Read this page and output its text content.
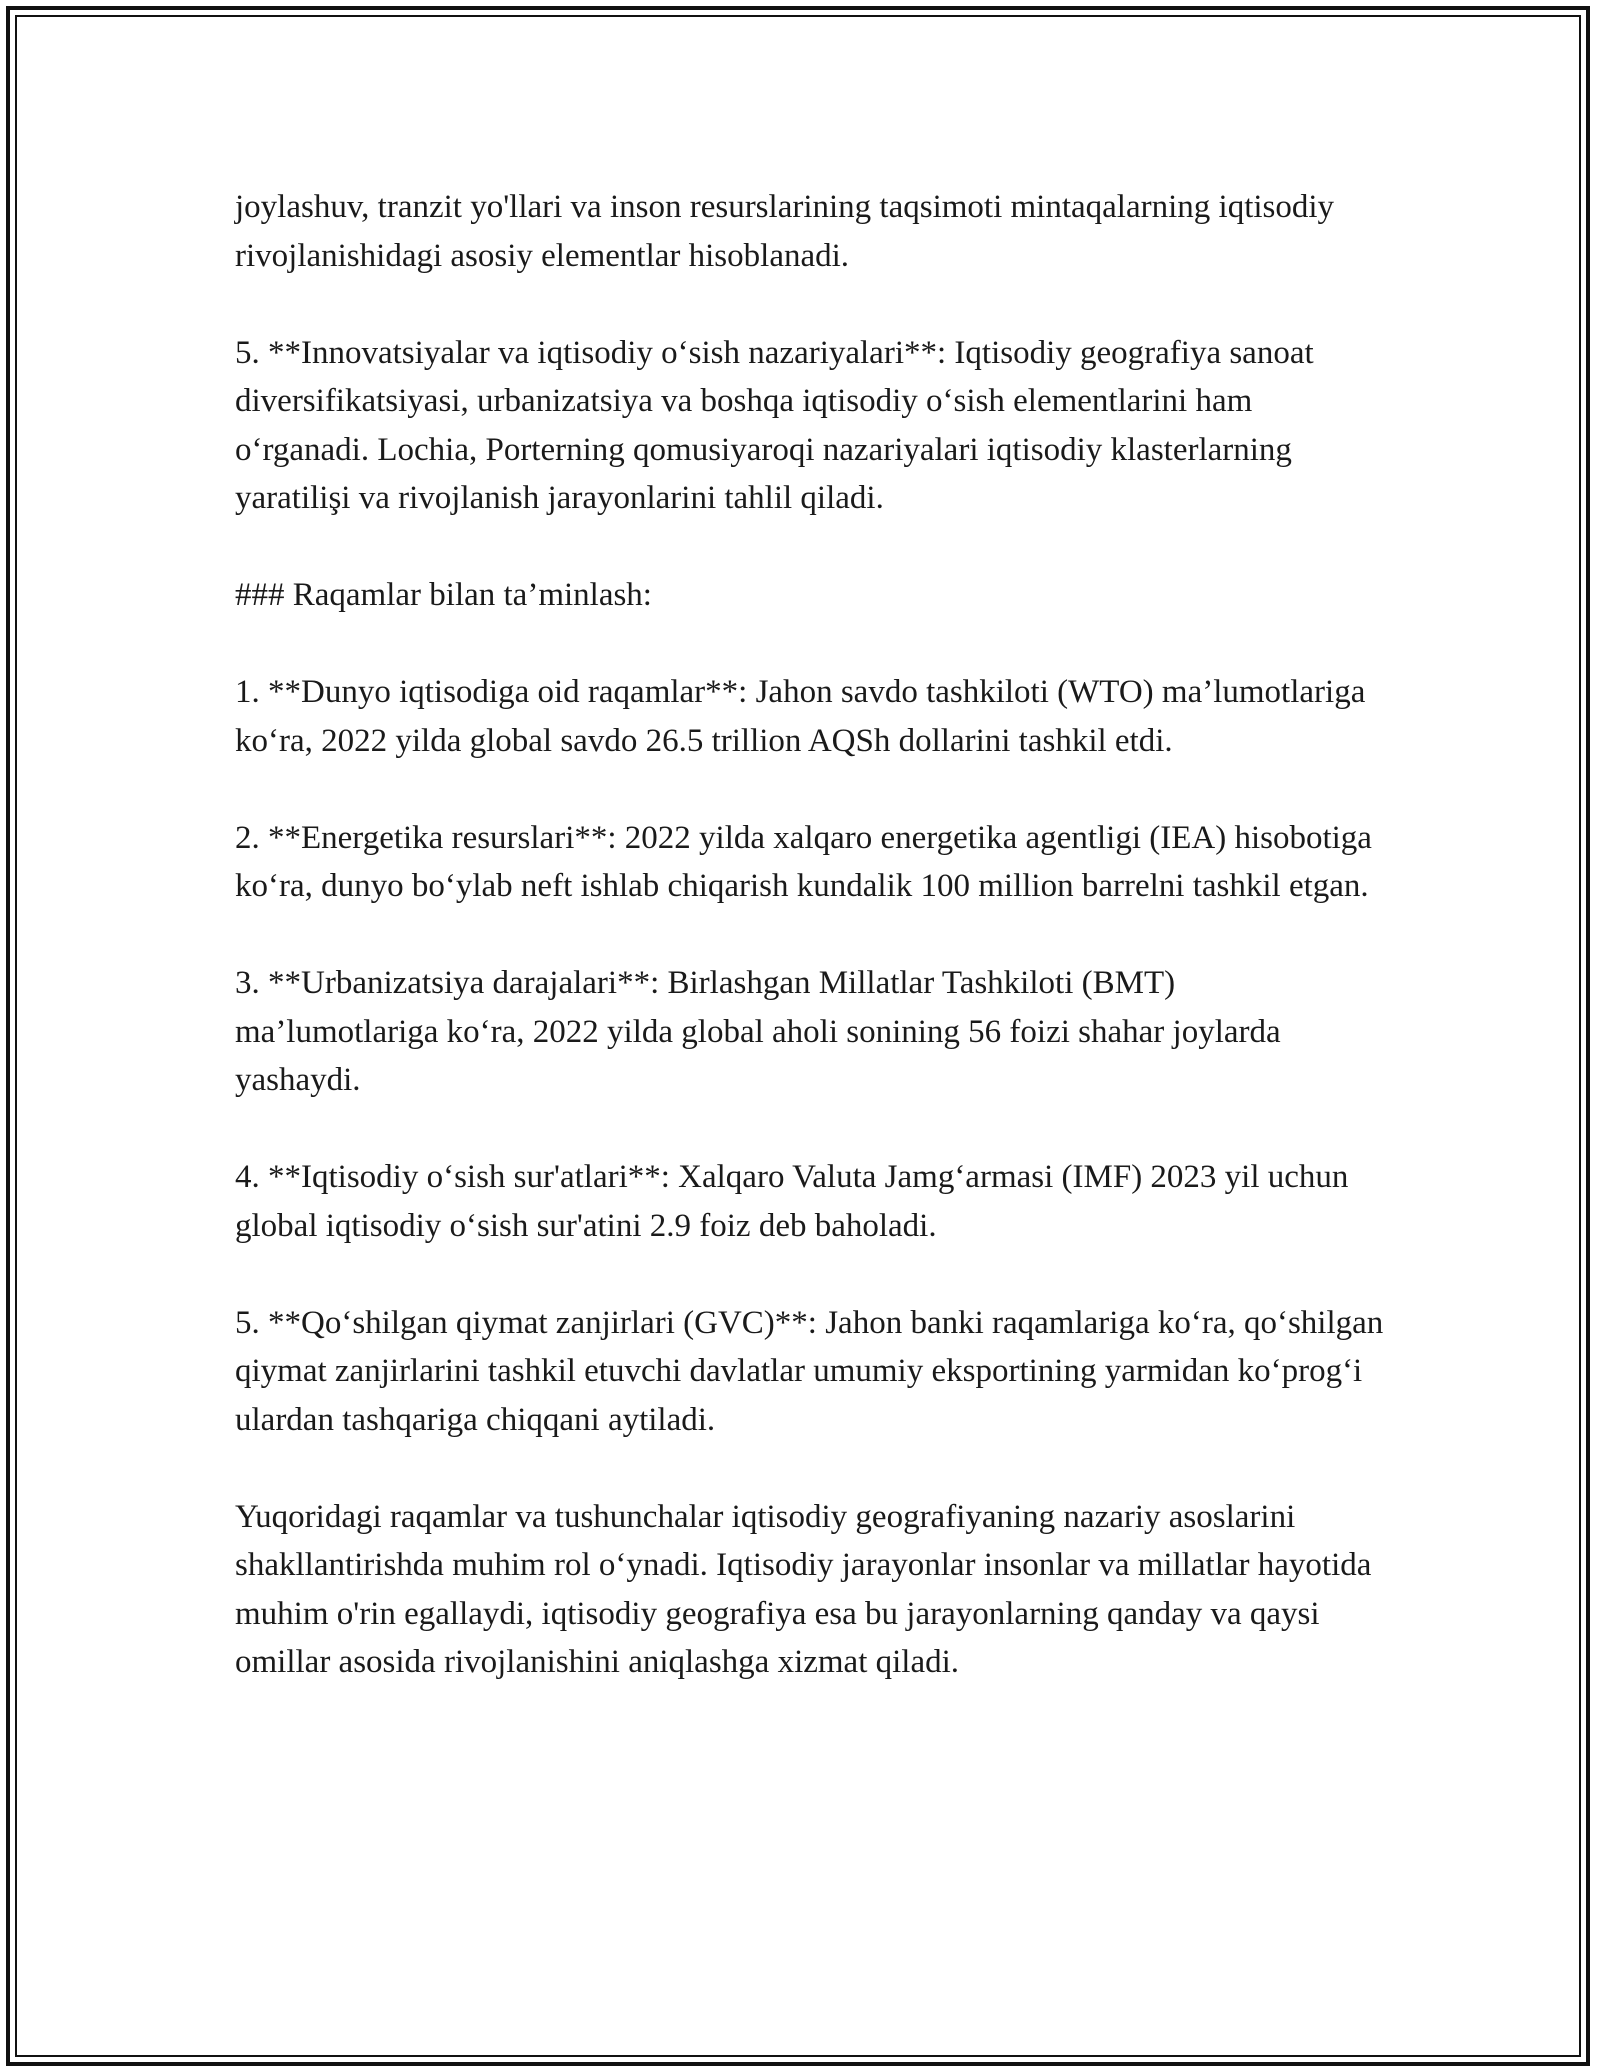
joylashuv, tranzit yo'llari va inson resurslarining taqsimoti mintaqalarning iqtisodiy rivojlanishidagi asosiy elementlar hisoblanadi.

5. **Innovatsiyalar va iqtisodiy o‘sish nazariyalari**: Iqtisodiy geografiya sanoat diversifikatsiyasi, urbanizatsiya va boshqa iqtisodiy o‘sish elementlarini ham o‘rganadi. Lochia, Porterning qomusiyaroqi nazariyalari iqtisodiy klasterlarning yaratilişi va rivojlanish jarayonlarini tahlil qiladi.

### Raqamlar bilan ta’minlash:

1. **Dunyo iqtisodiga oid raqamlar**: Jahon savdo tashkiloti (WTO) ma’lumotlariga ko‘ra, 2022 yilda global savdo 26.5 trillion AQSh dollarini tashkil etdi.

2. **Energetika resurslari**: 2022 yilda xalqaro energetika agentligi (IEA) hisobotiga ko‘ra, dunyo bo‘ylab neft ishlab chiqarish kundalik 100 million barrelni tashkil etgan.

3. **Urbanizatsiya darajalari**: Birlashgan Millatlar Tashkiloti (BMT) ma’lumotlariga ko‘ra, 2022 yilda global aholi sonining 56 foizi shahar joylarda yashaydi.

4. **Iqtisodiy o‘sish sur'atlari**: Xalqaro Valuta Jamg‘armasi (IMF) 2023 yil uchun global iqtisodiy o‘sish sur'atini 2.9 foiz deb baholadi.

5. **Qo‘shilgan qiymat zanjirlari (GVC)**: Jahon banki raqamlariga ko‘ra, qo‘shilgan qiymat zanjirlarini tashkil etuvchi davlatlar umumiy eksportining yarmidan ko‘prog‘i ulardan tashqariga chiqqani aytiladi.

Yuqoridagi raqamlar va tushunchalar iqtisodiy geografiyaning nazariy asoslarini shakllantirishda muhim rol o‘ynadi. Iqtisodiy jarayonlar insonlar va millatlar hayotida muhim o'rin egallaydi, iqtisodiy geografiya esa bu jarayonlarning qanday va qaysi omillar asosida rivojlanishini aniqlashga xizmat qiladi.
